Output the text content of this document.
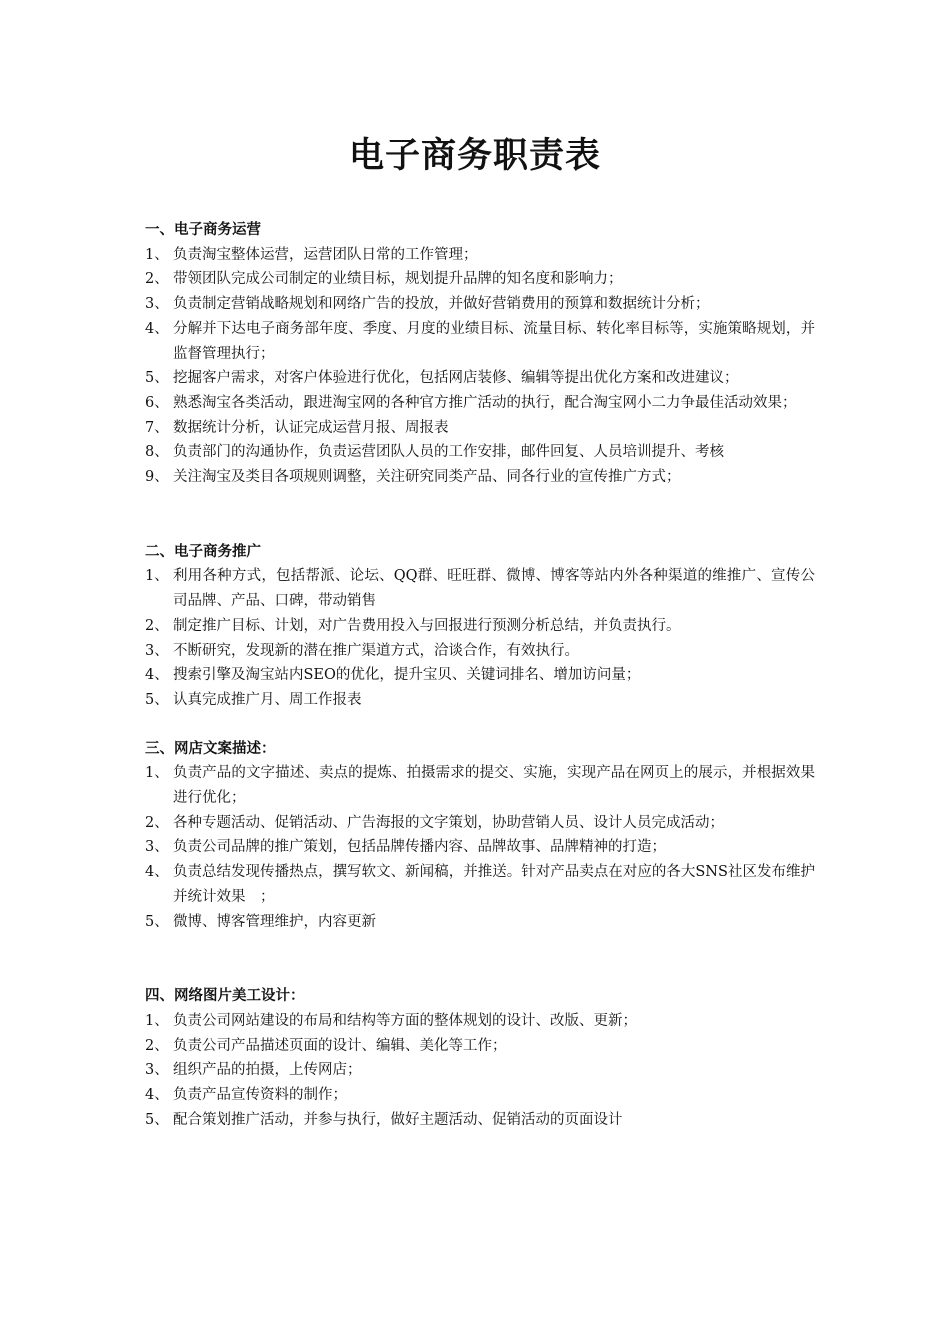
电子商务职责表
一、电子商务运营
1、 负责淘宝整体运营，运营团队日常的工作管理；
2、 带领团队完成公司制定的业绩目标，规划提升品牌的知名度和影响力；
3、 负责制定营销战略规划和网络广告的投放，并做好营销费用的预算和数据统计分析；
4、 分解并下达电子商务部年度、季度、月度的业绩目标、流量目标、转化率目标等，实施策略规划，并监督管理执行；
5、 挖掘客户需求，对客户体验进行优化，包括网店装修、编辑等提出优化方案和改进建议；
6、 熟悉淘宝各类活动，跟进淘宝网的各种官方推广活动的执行，配合淘宝网小二力争最佳活动效果；
7、 数据统计分析，认证完成运营月报、周报表
8、 负责部门的沟通协作，负责运营团队人员的工作安排，邮件回复、人员培训提升、考核
9、 关注淘宝及类目各项规则调整，关注研究同类产品、同各行业的宣传推广方式；
二、电子商务推广
1、 利用各种方式，包括帮派、论坛、QQ群、旺旺群、微博、博客等站内外各种渠道的维推广、宣传公司品牌、产品、口碑，带动销售
2、 制定推广目标、计划，对广告费用投入与回报进行预测分析总结，并负责执行。
3、 不断研究，发现新的潜在推广渠道方式，洽谈合作，有效执行。
4、 搜索引擎及淘宝站内SEO的优化，提升宝贝、关键词排名、增加访问量；
5、 认真完成推广月、周工作报表
三、网店文案描述：
1、 负责产品的文字描述、卖点的提炼、拍摄需求的提交、实施，实现产品在网页上的展示，并根据效果进行优化；
2、 各种专题活动、促销活动、广告海报的文字策划，协助营销人员、设计人员完成活动；
3、 负责公司品牌的推广策划，包括品牌传播内容、品牌故事、品牌精神的打造；
4、 负责总结发现传播热点，撰写软文、新闻稿，并推送。针对产品卖点在对应的各大SNS社区发布维护并统计效果　；
5、 微博、博客管理维护，内容更新
四、网络图片美工设计：
1、 负责公司网站建设的布局和结构等方面的整体规划的设计、改版、更新；
2、 负责公司产品描述页面的设计、编辑、美化等工作；
3、 组织产品的拍摄，上传网店；
4、 负责产品宣传资料的制作；
5、 配合策划推广活动，并参与执行，做好主题活动、促销活动的页面设计
